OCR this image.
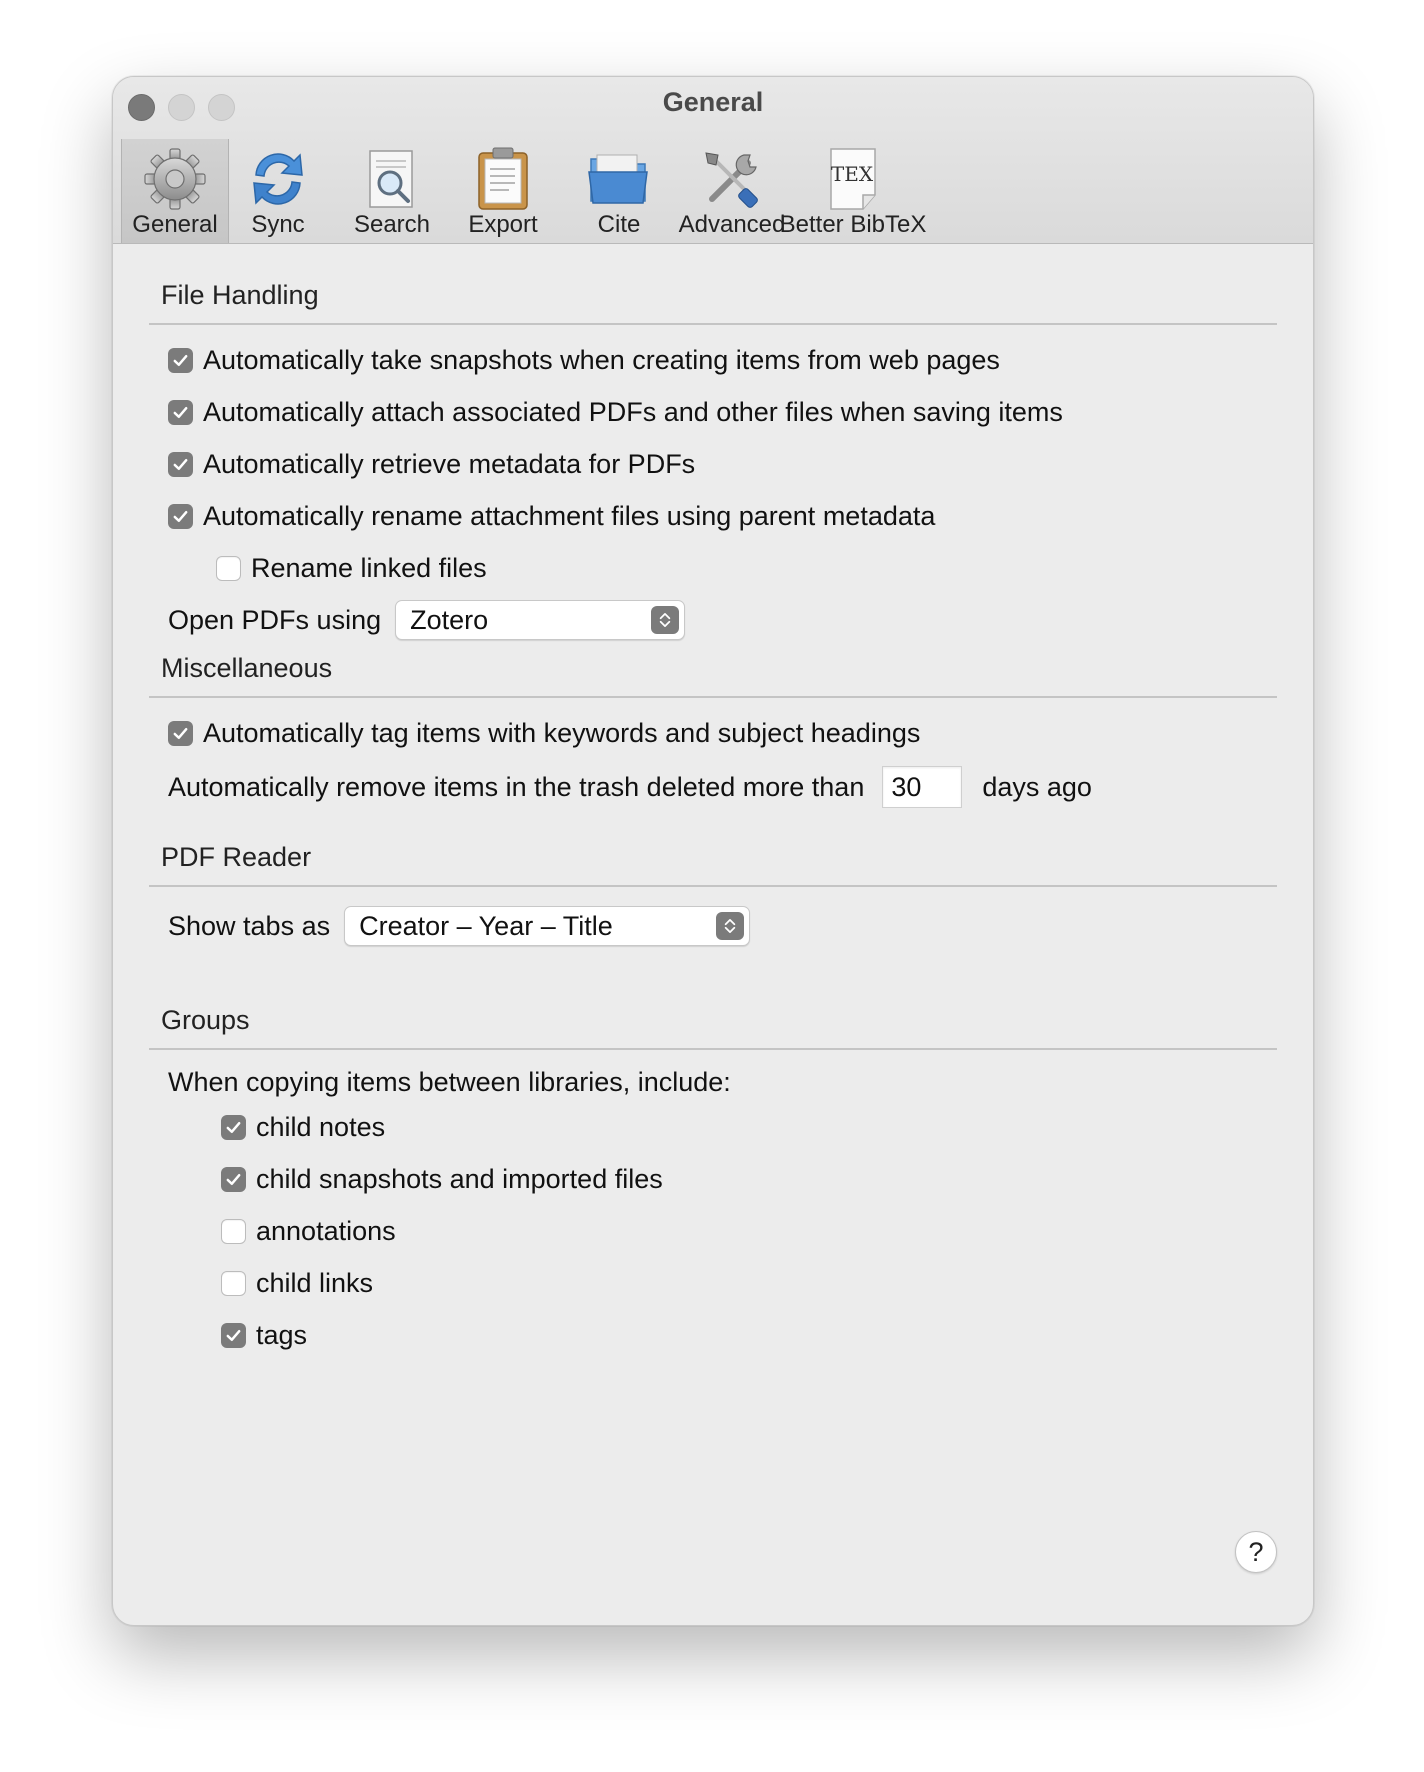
General
General	Sync	Search	Export	Cite	Advanced
TEX
Better BibTeX
File Handling
Automatically take snapshots when creating items from web pages
Automatically attach associated PDFs and other files when saving items
Automatically retrieve metadata for PDFs
Automatically rename attachment files using parent metadata
Rename linked files
Open PDFs using Zotero
Miscellaneous
Automatically tag items with keywords and subject headings
Automatically remove items in the trash deleted more than	30	days ago
PDF Reader
Show tabs as Creator – Year – Title
Groups
When copying items between libraries, include:
child notes
child snapshots and imported files
annotations
child links
tags
?
